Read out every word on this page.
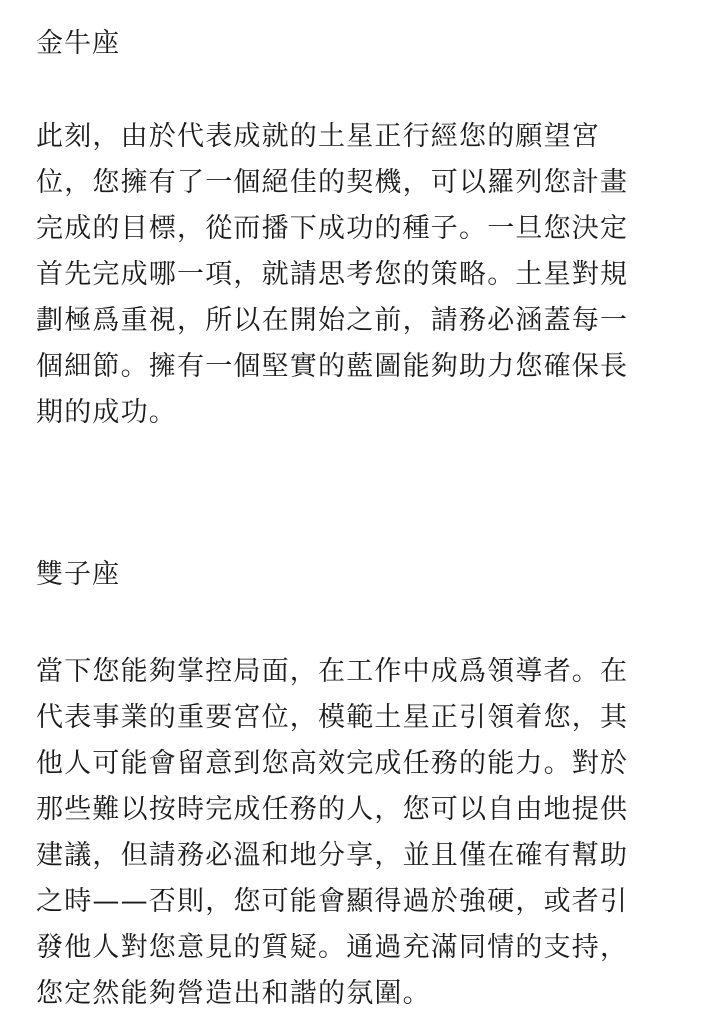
金牛座

此刻，由於代表成就的土星正行經您的願望宮
位，您擁有了一個絕佳的契機，可以羅列您計畫
完成的目標，從而播下成功的種子。一旦您決定
首先完成哪一項，就請思考您的策略。土星對規
劃極爲重視，所以在開始之前，請務必涵蓋每一
個細節。擁有一個堅實的藍圖能夠助力您確保長
期的成功。

雙子座

當下您能夠掌控局面，在工作中成爲領導者。在
代表事業的重要宮位，模範土星正引領着您，其
他人可能會留意到您高效完成任務的能力。對於
那些難以按時完成任務的人，您可以自由地提供
建議，但請務必溫和地分享，並且僅在確有幫助
之時——否則，您可能會顯得過於強硬，或者引
發他人對您意見的質疑。通過充滿同情的支持，
您定然能夠營造出和諧的氛圍。
